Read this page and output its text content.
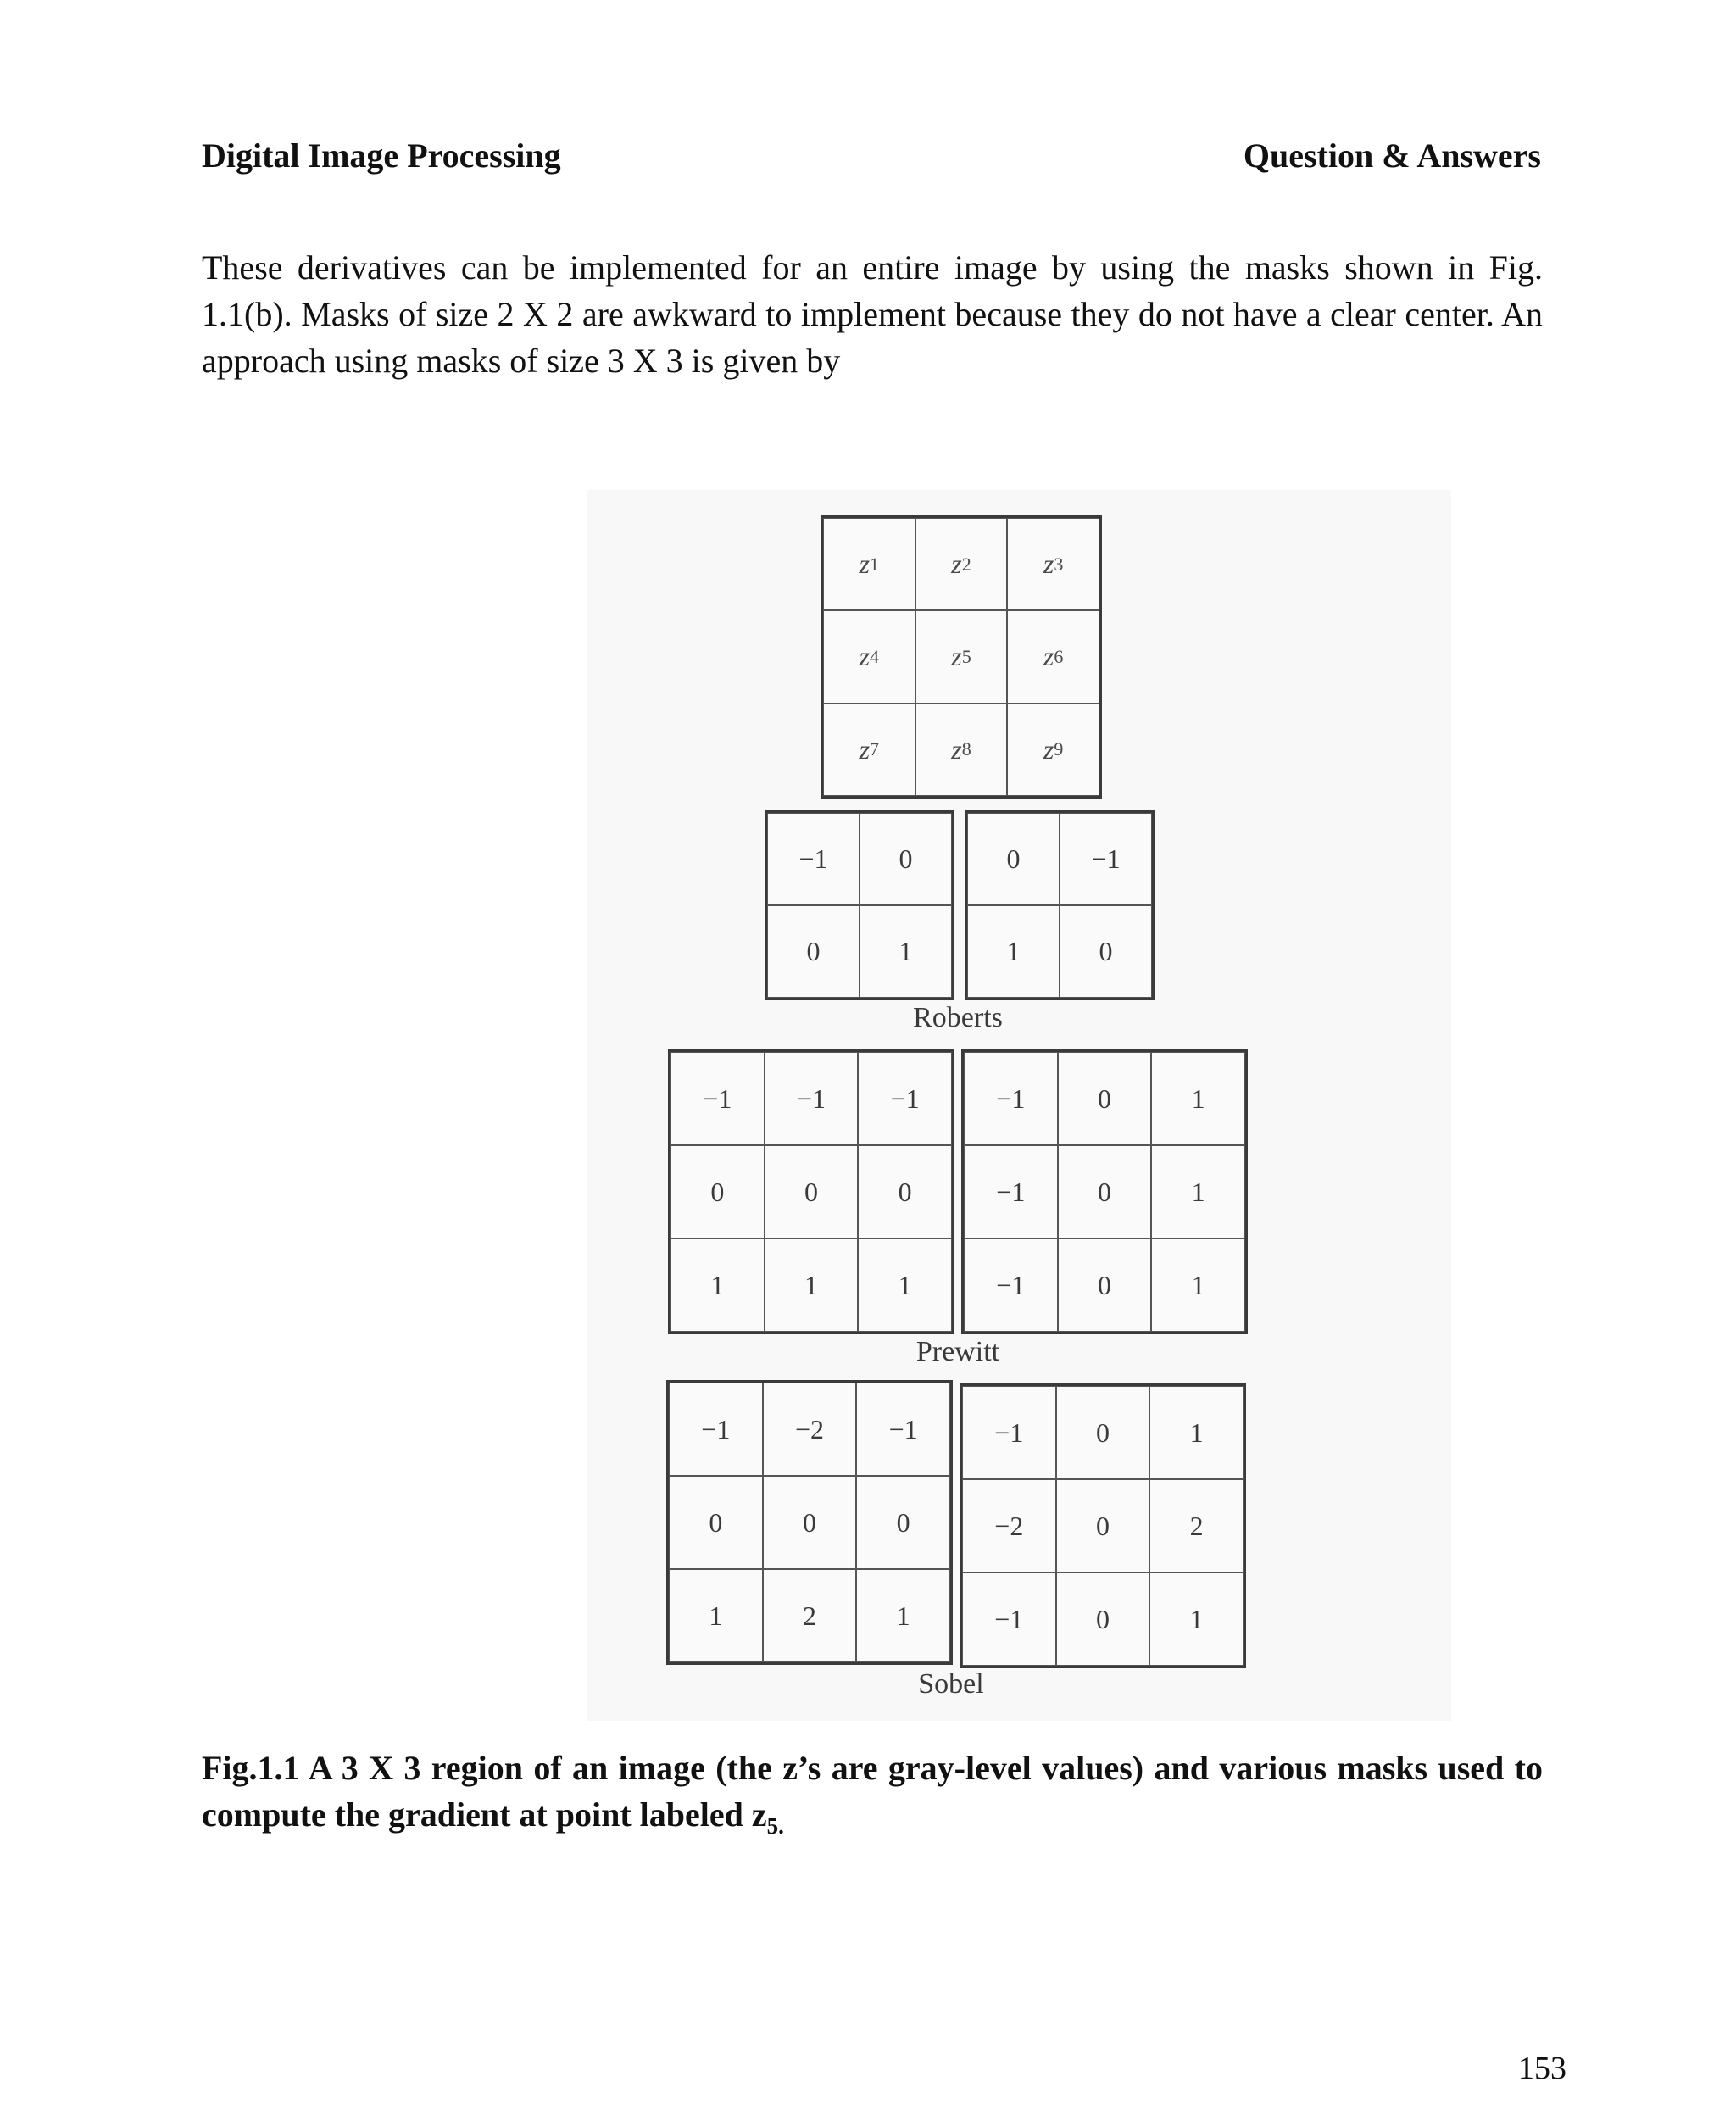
Digital Image Processing	Question & Answers
These derivatives can be implemented for an entire image by using the masks shown in Fig. 1.1(b). Masks of size 2 X 2 are awkward to implement because they do not have a clear center. An approach using masks of size 3 X 3 is given by
z 1	z 2	z 3
z 4	z 5	z 6
z 7	z 8	z 9
−1	0
0	1
0	−1
1	0
Roberts
−1	−1	−1
0	0	0
1	1	1
−1	0	1
−1	0	1
−1	0	1
Prewitt
−1	−2	−1
0	0	0
1	2	1
−1	0	1
−2	0	2
−1	0	1
Sobel
Fig.1.1 A 3 X 3 region of an image (the z’s are gray-level values) and various masks used to compute the gradient at point labeled $z_{5.}$
153
